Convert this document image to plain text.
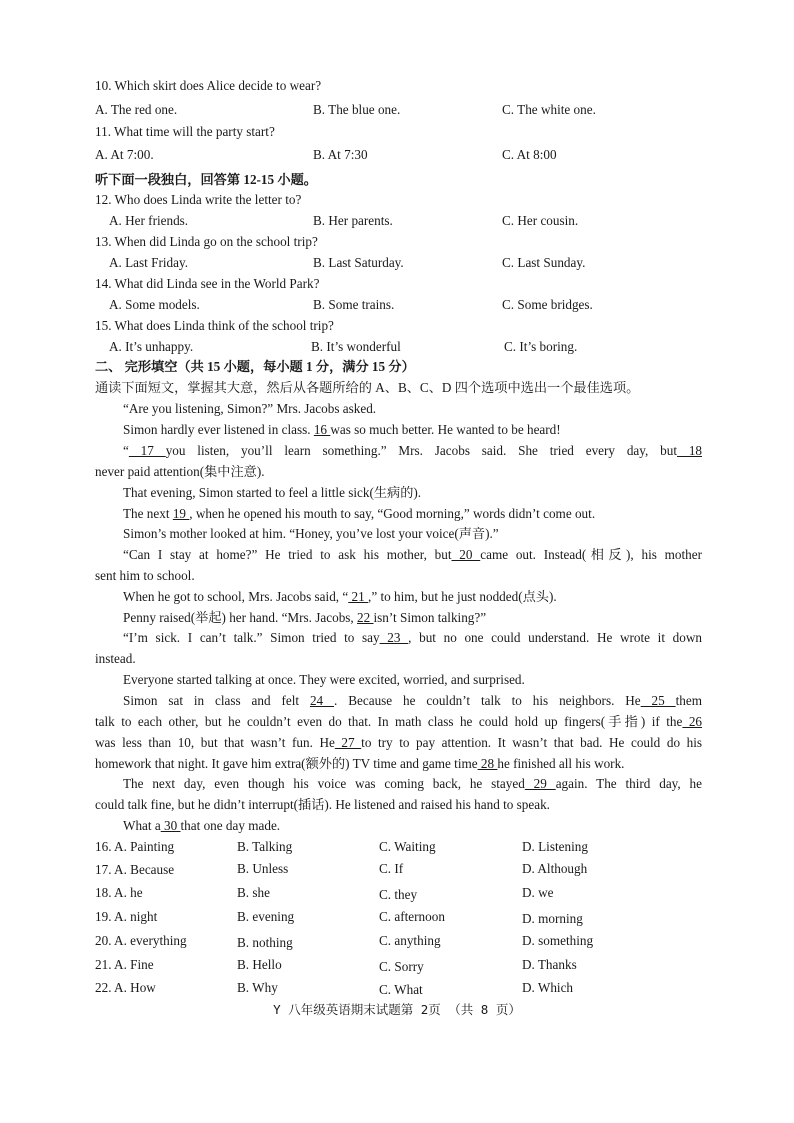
10. Which skirt does Alice decide to wear?
A. The red one.	B. The blue one.	C. The white one.
11. What time will the party start?
A. At 7:00.	B. At 7:30	C. At 8:00
听下面一段独白，回答第 12-15 小题。
12. Who does Linda write the letter to?
A. Her friends.	B. Her parents.	C. Her cousin.
13. When did Linda go on the school trip?
A. Last Friday.	B. Last Saturday.	C. Last Sunday.
14. What did Linda see in the World Park?
A. Some models.	B. Some trains.	C. Some bridges.
15. What does Linda think of the school trip?
A. It’s unhappy.	B. It’s wonderful	C. It’s boring.
二、 完形填空（共 15 小题，每小题 1 分，满分 15 分）
通读下面短文，掌握其大意，然后从各题所给的 A、B、C、D 四个选项中选出一个最佳选项。
“Are you listening, Simon?” Mrs. Jacobs asked.
Simon hardly ever listened in class. 16 was so much better. He wanted to be heard!
“ 17 you listen, you’ll learn something.” Mrs. Jacobs said. She tried every day, but 18
never paid attention(集中注意).
That evening, Simon started to feel a little sick(生病的).
The next 19 , when he opened his mouth to say, “Good morning,” words didn’t come out.
Simon’s mother looked at him. “Honey, you’ve lost your voice(声音).”
“Can I stay at home?” He tried to ask his mother, but 20 came out. Instead(相反), his mother
sent him to school.
When he got to school, Mrs. Jacobs said, “ 21 ,” to him, but he just nodded(点头).
Penny raised(举起) her hand. “Mrs. Jacobs, 22 isn’t Simon talking?”
“I’m sick. I can’t talk.” Simon tried to say 23 , but no one could understand. He wrote it down
instead.
Everyone started talking at once. They were excited, worried, and surprised.
Simon sat in class and felt 24 . Because he couldn’t talk to his neighbors. He 25 them
talk to each other, but he couldn’t even do that. In math class he could hold up fingers(手指) if the 26
was less than 10, but that wasn’t fun. He 27 to try to pay attention. It wasn’t that bad. He could do his
homework that night. It gave him extra(额外的) TV time and game time 28 he finished all his work.
The next day, even though his voice was coming back, he stayed 29 again. The third day, he
could talk fine, but he didn’t interrupt(插话). He listened and raised his hand to speak.
What a 30 that one day made.
16. A. Painting	B. Talking	C. Waiting	D. Listening
17. A. Because	B. Unless	C. If	D. Although
18. A. he	B. she	C. they	D. we
19. A. night	B. evening	C. afternoon	D. morning
20. A. everything	B. nothing	C. anything	D. something
21. A. Fine	B. Hello	C. Sorry	D. Thanks
22. A. How	B. Why	C. What	D. Which
Y 八年级英语期末试题第 2页 （共 8 页）
